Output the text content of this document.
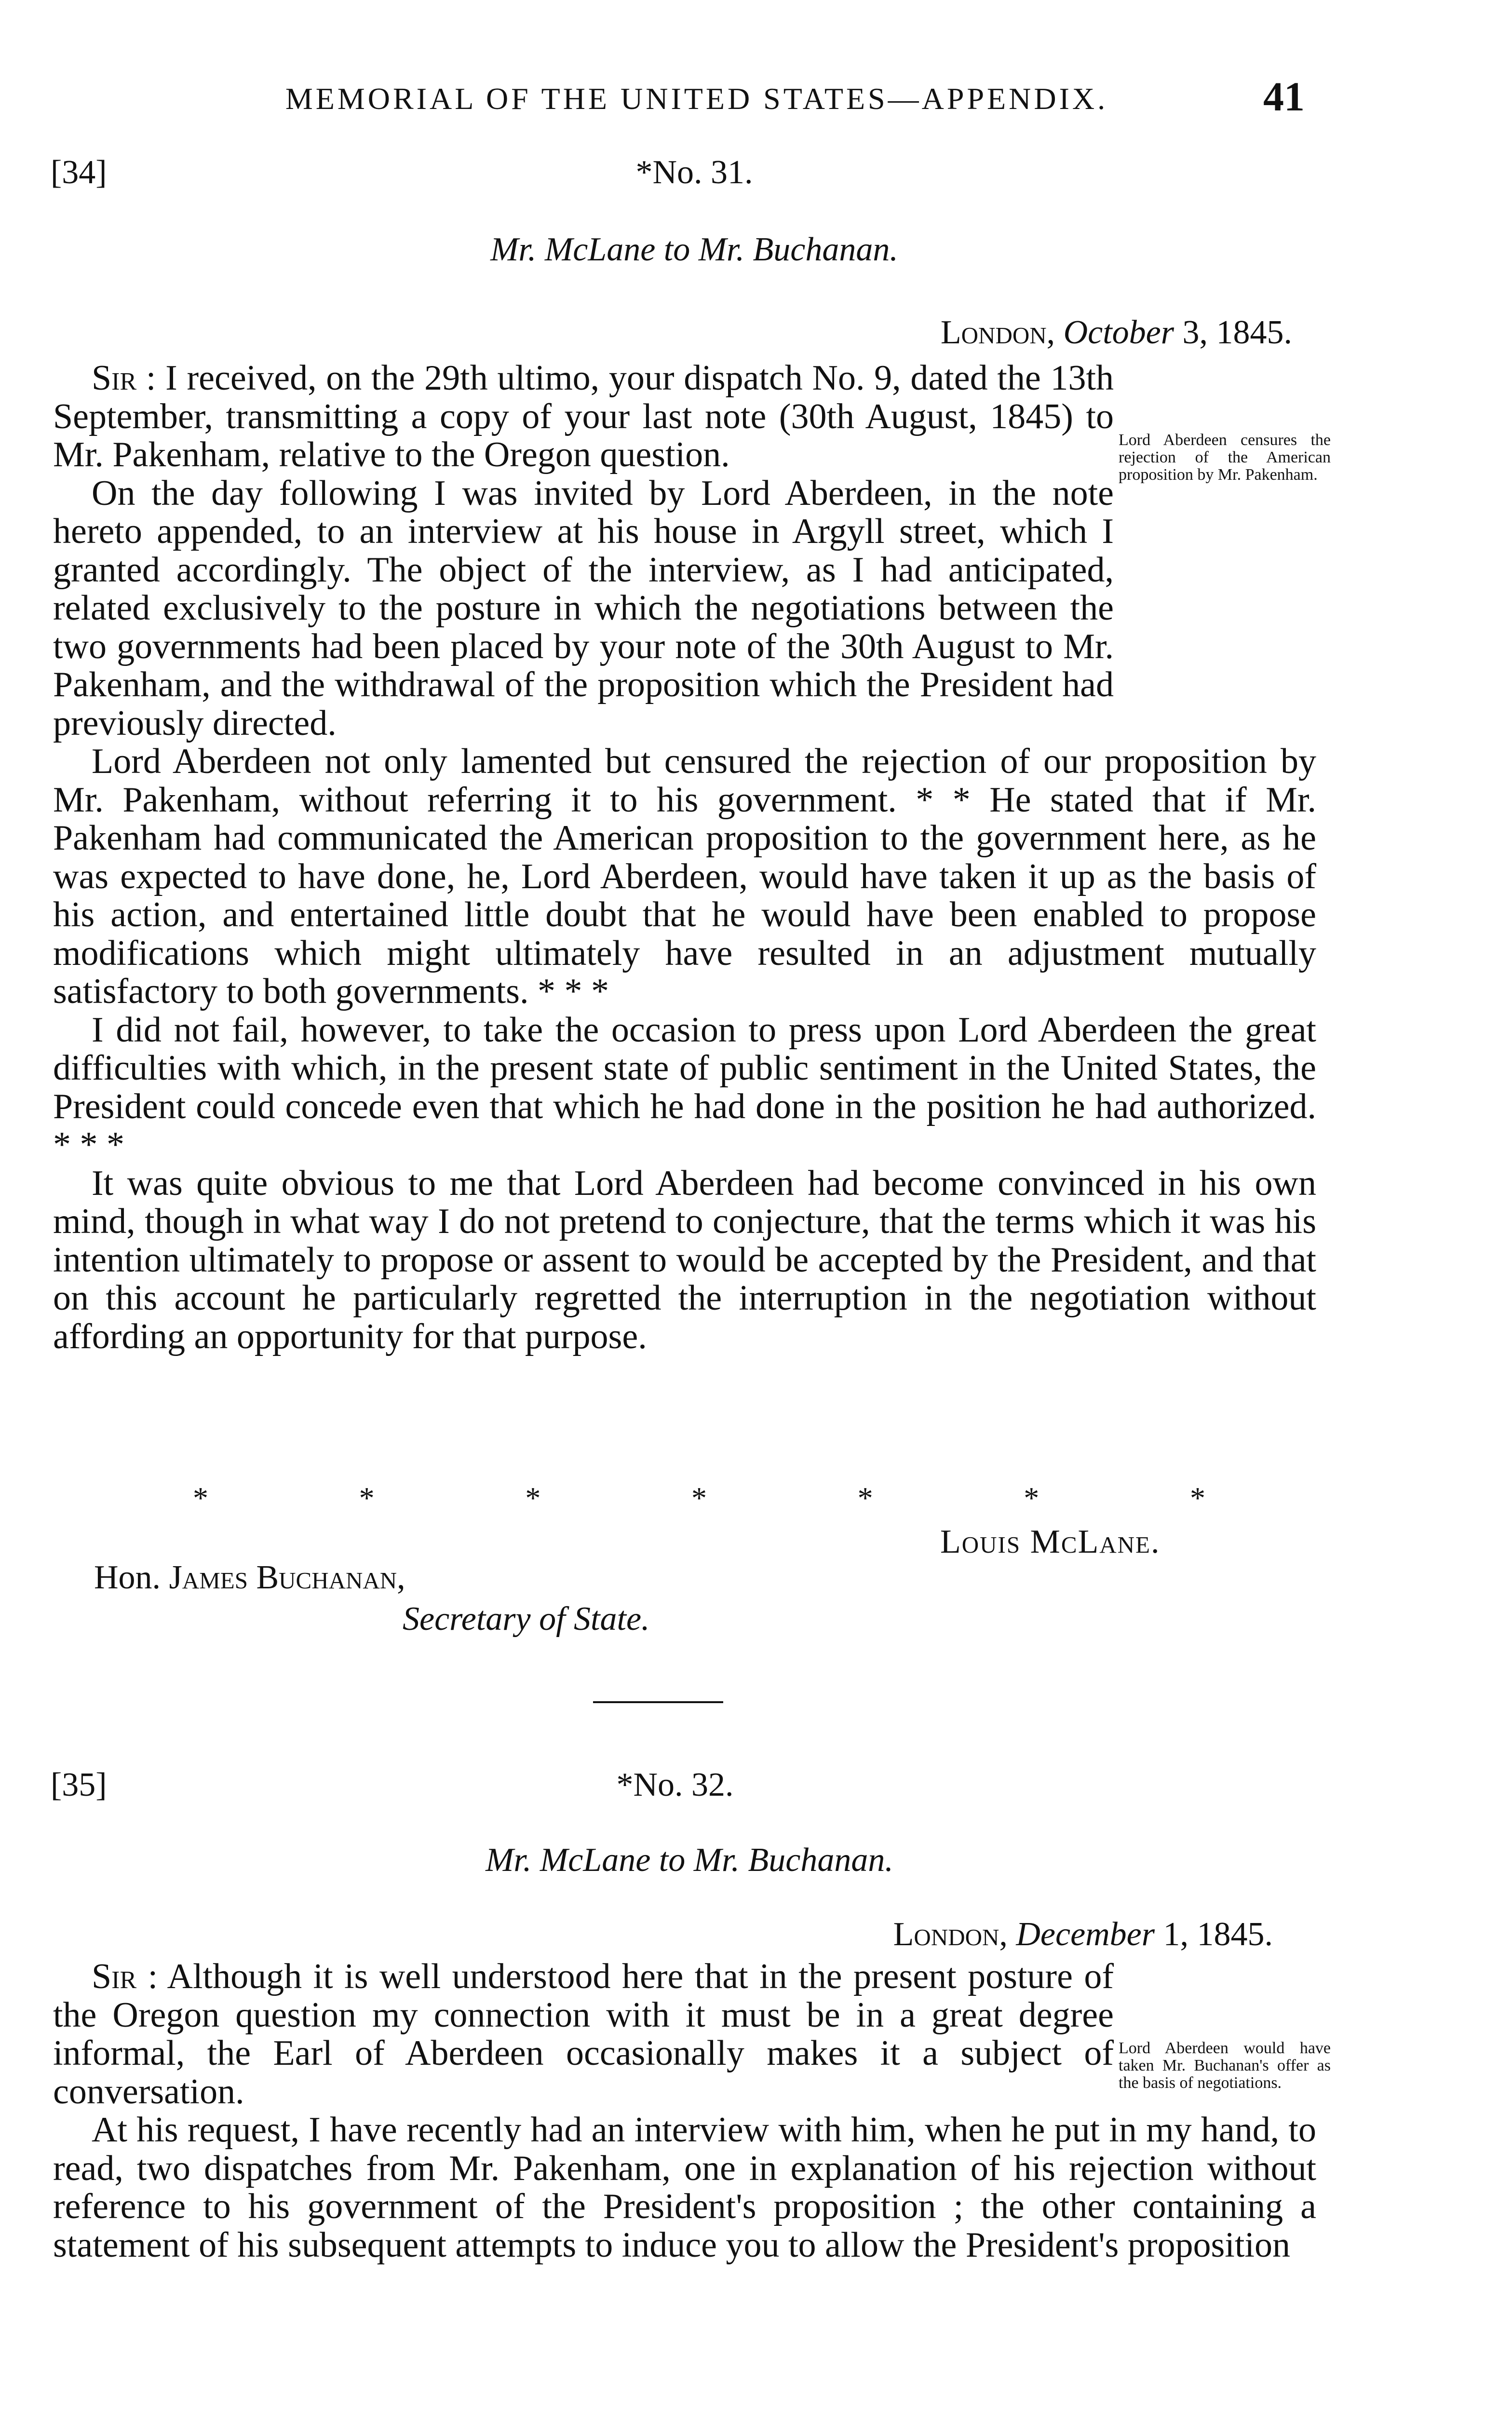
MEMORIAL OF THE UNITED STATES—APPENDIX.	41
[34]	*No. 31.
Mr. McLane to Mr. Buchanan.
London, October 3, 1845.

Sir : I received, on the 29th ultimo, your dispatch No. 9, dated the 13th September, transmitting a copy of your last note (30th August, 1845) to Mr. Pakenham, relative to the Oregon question.

On the day following I was invited by Lord Aberdeen, in the note hereto appended, to an interview at his house in Argyll street, which I granted accordingly. The object of the interview, as I had anticipated, related exclusively to the posture in which the negotiations between the two governments had been placed by your note of the 30th August to Mr. Pakenham, and the withdrawal of the proposition which the President had previously directed.

Lord Aberdeen not only lamented but censured the rejection of our proposition by Mr. Pakenham, without referring it to his government. * * He stated that if Mr. Pakenham had communicated the American proposition to the government here, as he was expected to have done, he, Lord Aberdeen, would have taken it up as the basis of his action, and entertained little doubt that he would have been enabled to propose modifications which might ultimately have resulted in an adjustment mutually satisfactory to both governments. * * *

I did not fail, however, to take the occasion to press upon Lord Aberdeen the great difficulties with which, in the present state of public sentiment in the United States, the President could concede even that which he had done in the position he had authorized. * * *

It was quite obvious to me that Lord Aberdeen had become convinced in his own mind, though in what way I do not pretend to conjecture, that the terms which it was his intention ultimately to propose or assent to would be accepted by the President, and that on this account he particularly regretted the interruption in the negotiation without affording an opportunity for that purpose.

Lord Aberdeen censures the rejection of the American proposition by Mr. Pakenham.
*	*	*	*	*	*	*
Louis McLane.
Hon. James Buchanan,
Secretary of State.
[35]	*No. 32.
Mr. McLane to Mr. Buchanan.
London, December 1, 1845.

Sir : Although it is well understood here that in the present posture of the Oregon question my connection with it must be in a great degree informal, the Earl of Aberdeen occasionally makes it a subject of conversation.

At his request, I have recently had an interview with him, when he put in my hand, to read, two dispatches from Mr. Pakenham, one in explanation of his rejection without reference to his government of the President's proposition ; the other containing a statement of his subsequent attempts to induce you to allow the President's proposition

Lord Aberdeen would have taken Mr. Buchanan's offer as the basis of negotiations.
